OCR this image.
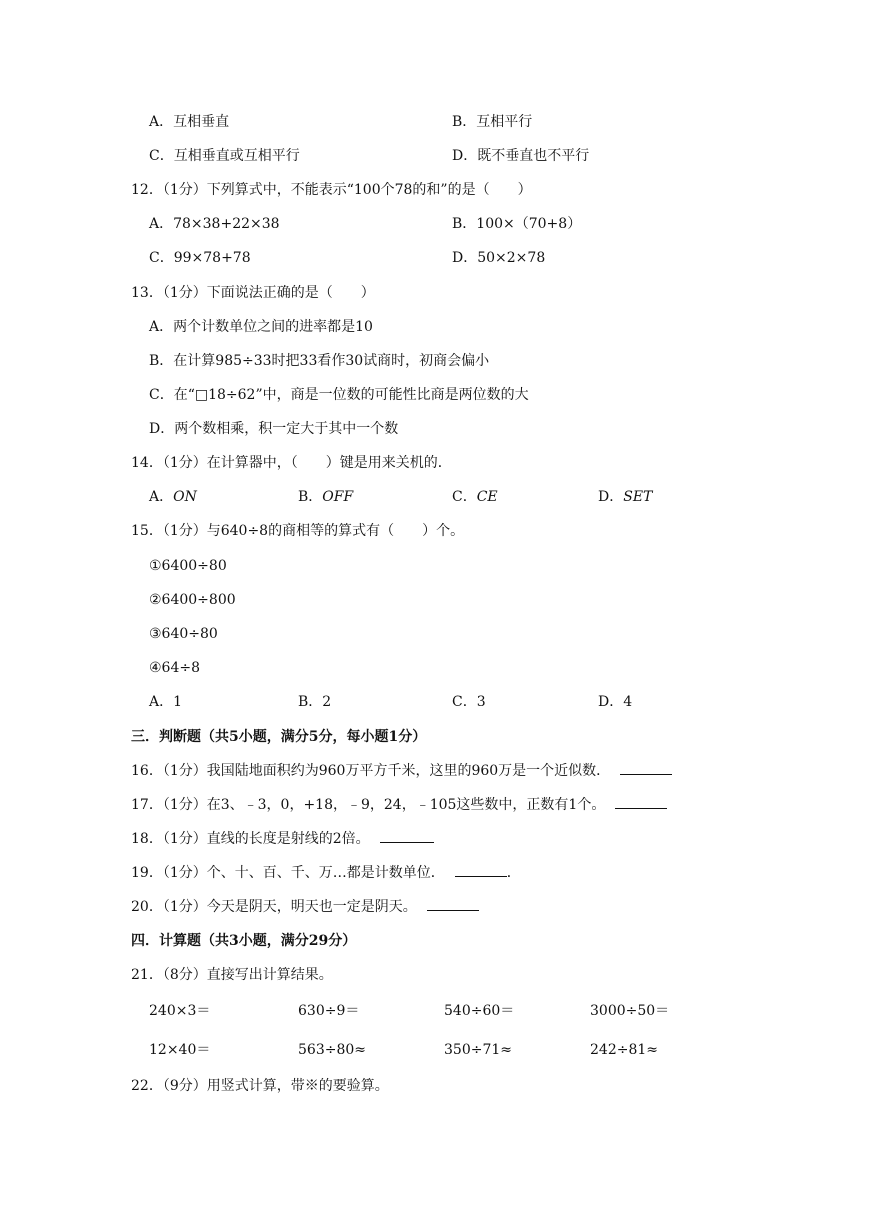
A．互相垂直	B．互相平行
C．互相垂直或互相平行	D．既不垂直也不平行
12．（1分）下列算式中，不能表示“100个78的和”的是（　　）
A．78×38+22×38	B．100×（70+8）
C．99×78+78	D．50×2×78
13．（1分）下面说法正确的是（　　）
A．两个计数单位之间的进率都是10
B．在计算985÷33时把33看作30试商时，初商会偏小
C．在“□18÷62”中，商是一位数的可能性比商是两位数的大
D．两个数相乘，积一定大于其中一个数
14．（1分）在计算器中，（　　）键是用来关机的．
A．ON	B．OFF	C．CE	D．SET
15．（1分）与640÷8的商相等的算式有（　　）个。
①6400÷80
②6400÷800
③640÷80
④64÷8
A．1	B．2	C．3	D．4
三．判断题（共5小题，满分5分，每小题1分）
16．（1分）我国陆地面积约为960万平方千米，这里的960万是一个近似数．
17．（1分）在3、﹣3，0，+18，﹣9，24，﹣105这些数中，正数有1个。
18．（1分）直线的长度是射线的2倍。
19．（1分）个、十、百、千、万…都是计数单位．	．
20．（1分）今天是阴天，明天也一定是阴天。
四．计算题（共3小题，满分29分）
21．（8分）直接写出计算结果。
240×3＝	630÷9＝	540÷60＝	3000÷50＝
12×40＝	563÷80≈	350÷71≈	242÷81≈
22．（9分）用竖式计算，带※的要验算。
